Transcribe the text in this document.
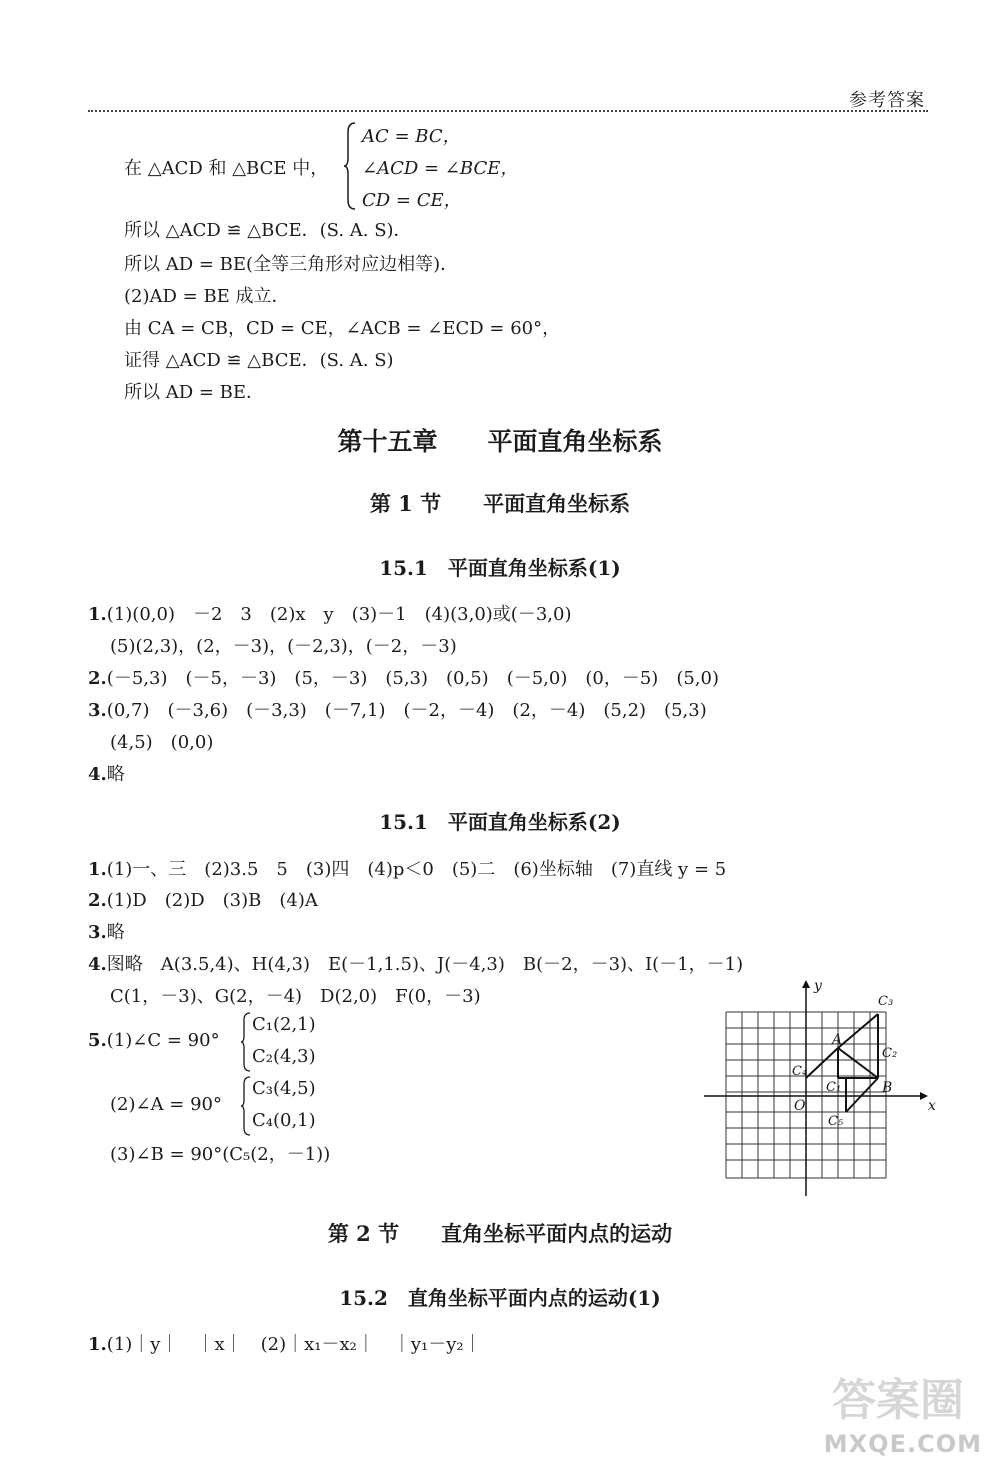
参考答案
在 △ACD 和 △BCE 中，
AC = BC，
∠ACD = ∠BCE，
CD = CE，
所以 △ACD ≌ △BCE．(S. A. S)．
所以 AD = BE(全等三角形对应边相等)．
(2)AD = BE 成立．
由 CA = CB，CD = CE，∠ACB = ∠ECD = 60°，
证得 △ACD ≌ △BCE．(S. A. S)
所以 AD = BE．
第十五章　　平面直角坐标系
第 1 节　　平面直角坐标系
15.1　平面直角坐标系(1)
1.(1)(0,0)　－2　3　(2)x　y　(3)－1　(4)(3,0)或(－3,0)
(5)(2,3)，(2，－3)，(－2,3)，(－2，－3)
2.(－5,3)　(－5，－3)　(5，－3)　(5,3)　(0,5)　(－5,0)　(0，－5)　(5,0)
3.(0,7)　(－3,6)　(－3,3)　(－7,1)　(－2，－4)　(2，－4)　(5,2)　(5,3)
(4,5)　(0,0)
4.略
15.1　平面直角坐标系(2)
1.(1)一、三　(2)3.5　5　(3)四　(4)p＜0　(5)二　(6)坐标轴　(7)直线 y = 5
2.(1)D　(2)D　(3)B　(4)A
3.略
4.图略　A(3.5,4)、H(4,3)　E(－1,1.5)、J(－4,3)　B(－2，－3)、I(－1，－1)
C(1，－3)、G(2，－4)　D(2,0)　F(0，－3)
5.(1)∠C = 90°
C₁(2,1)
C₂(4,3)
(2)∠A = 90°
C₃(4,5)
C₄(0,1)
(3)∠B = 90°(C₅(2，－1))
x
y
O
A
B
C₁
C₂
C₃
C₄
C₅
第 2 节　　直角坐标平面内点的运动
15.2　直角坐标平面内点的运动(1)
1.(1)｜y｜　｜x｜　(2)｜x₁－x₂｜　｜y₁－y₂｜
答案圈
MXQE.COM
